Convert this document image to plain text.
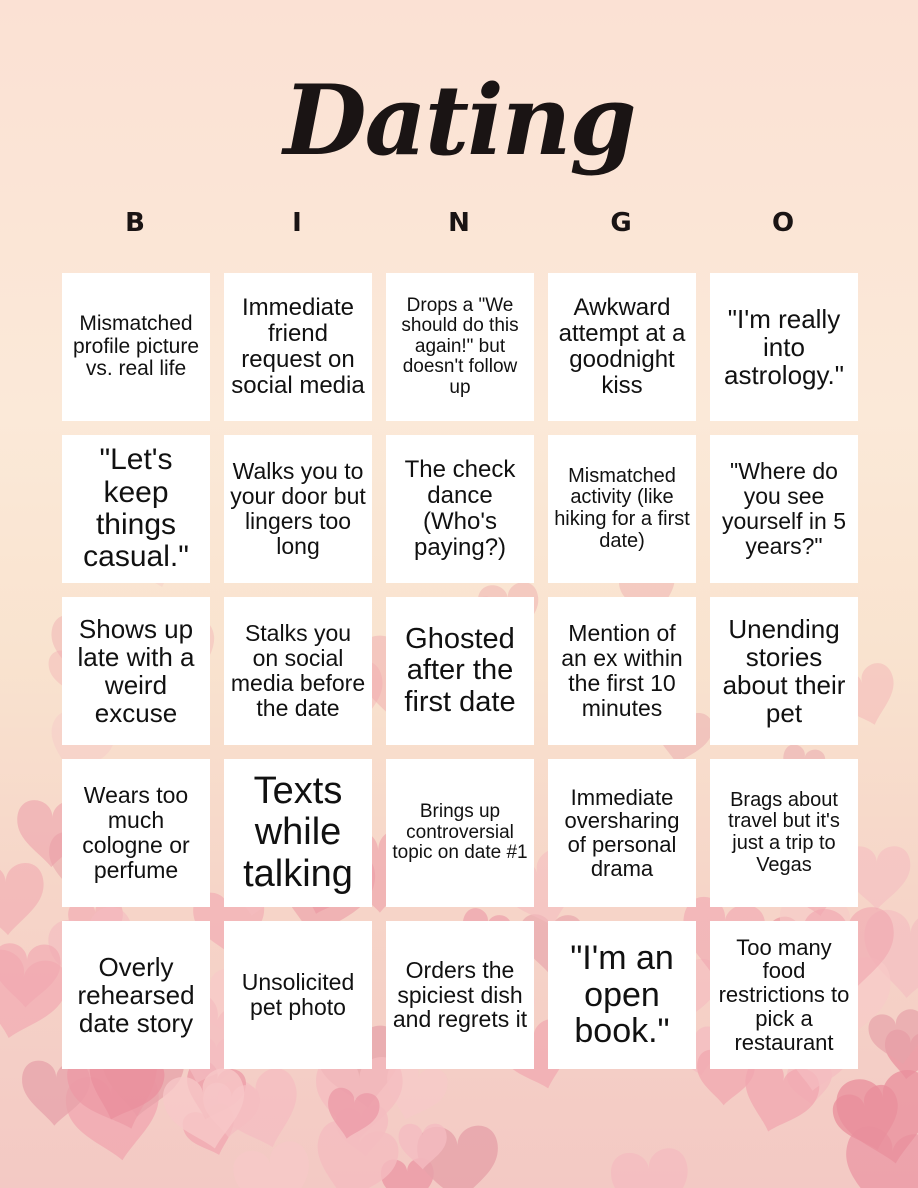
Dating
B	I	N	G	O
Mismatched profile picture vs. real life
Immediate friend request on social media
Drops a "We should do this again!" but doesn't follow up
Awkward attempt at a goodnight kiss
"I'm really into astrology."
"Let's keep things casual."
Walks you to your door but lingers too long
The check dance (Who's paying?)
Mismatched activity (like hiking for a first date)
"Where do you see yourself in 5 years?"
Shows up late with a weird excuse
Stalks you on social media before the date
Ghosted after the first date
Mention of an ex within the first 10 minutes
Unending stories about their pet
Wears too much cologne or perfume
Texts while talking
Brings up controversial topic on date #1
Immediate oversharing of personal drama
Brags about travel but it's just a trip to Vegas
Overly rehearsed date story
Unsolicited pet photo
Orders the spiciest dish and regrets it
"I'm an open book."
Too many food restrictions to pick a restaurant
